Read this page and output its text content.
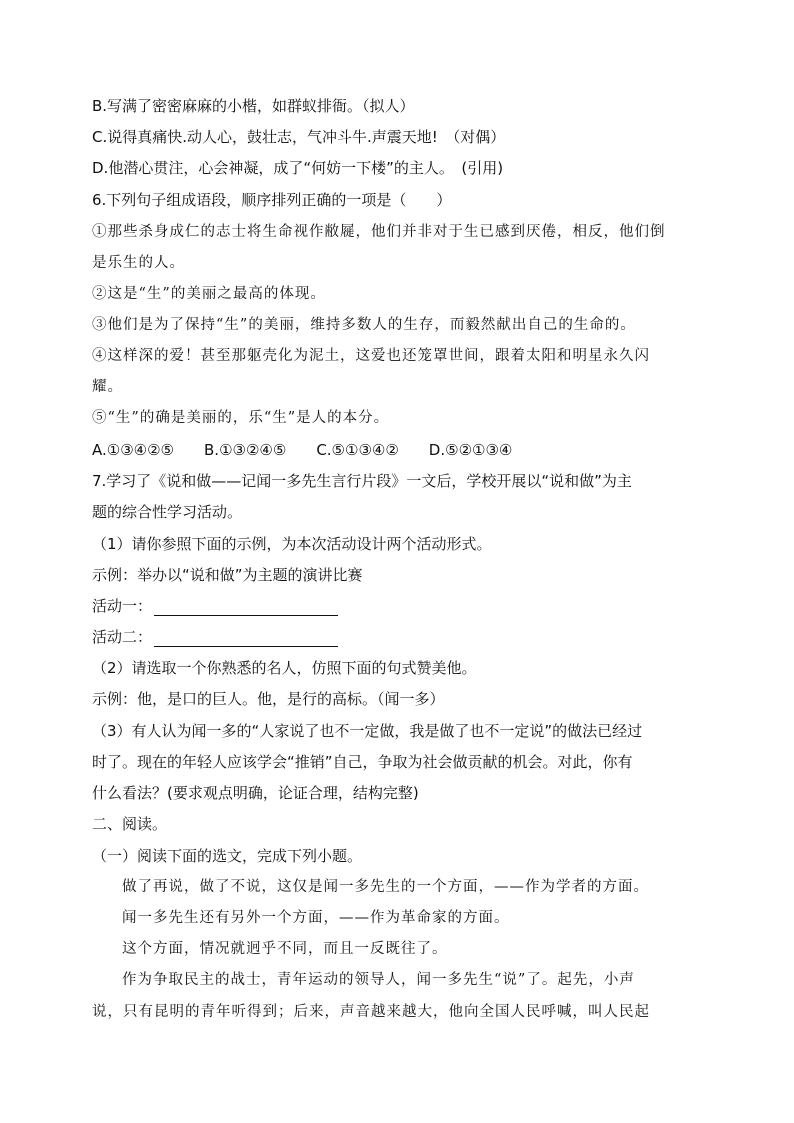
B.写满了密密麻麻的小楷，如群蚁排衙。（拟人）
C.说得真痛快.动人心，鼓壮志，气冲斗牛.声震天地!　（对偶）
D.他潜心贯注，心会神凝，成了“何妨一下楼”的主人。　(引用)
6.下列句子组成语段，顺序排列正确的一项是（　　）
①那些杀身成仁的志士将生命视作敝屣，他们并非对于生已感到厌倦，相反，他们倒
是乐生的人。
②这是“生”的美丽之最高的体现。
③他们是为了保持“生”的美丽，维持多数人的生存，而毅然献出自己的生命的。
④这样深的爱！甚至那躯壳化为泥土，这爱也还笼罩世间，跟着太阳和明星永久闪
耀。
⑤“生”的确是美丽的，乐“生”是人的本分。
A.①③④②⑤ B.①③②④⑤ C.⑤①③④② D.⑤②①③④
7.学习了《说和做——记闻一多先生言行片段》一文后，学校开展以“说和做”为主
题的综合性学习活动。
（1）请你参照下面的示例，为本次活动设计两个活动形式。
示例：举办以“说和做”为主题的演讲比赛
活动一：
活动二：
（2）请选取一个你熟悉的名人，仿照下面的句式赞美他。
示例：他，是口的巨人。他，是行的高标。（闻一多）
（3）有人认为闻一多的“人家说了也不一定做，我是做了也不一定说”的做法已经过
时了。现在的年轻人应该学会“推销”自己，争取为社会做贡献的机会。对此，你有
什么看法？(要求观点明确，论证合理，结构完整)
二、阅读。
（一）阅读下面的选文，完成下列小题。
做了再说，做了不说，这仅是闻一多先生的一个方面，——作为学者的方面。
闻一多先生还有另外一个方面，——作为革命家的方面。
这个方面，情况就迥乎不同，而且一反既往了。
作为争取民主的战士，青年运动的领导人，闻一多先生“说”了。起先，小声
说，只有昆明的青年听得到；后来，声音越来越大，他向全国人民呼喊，叫人民起
